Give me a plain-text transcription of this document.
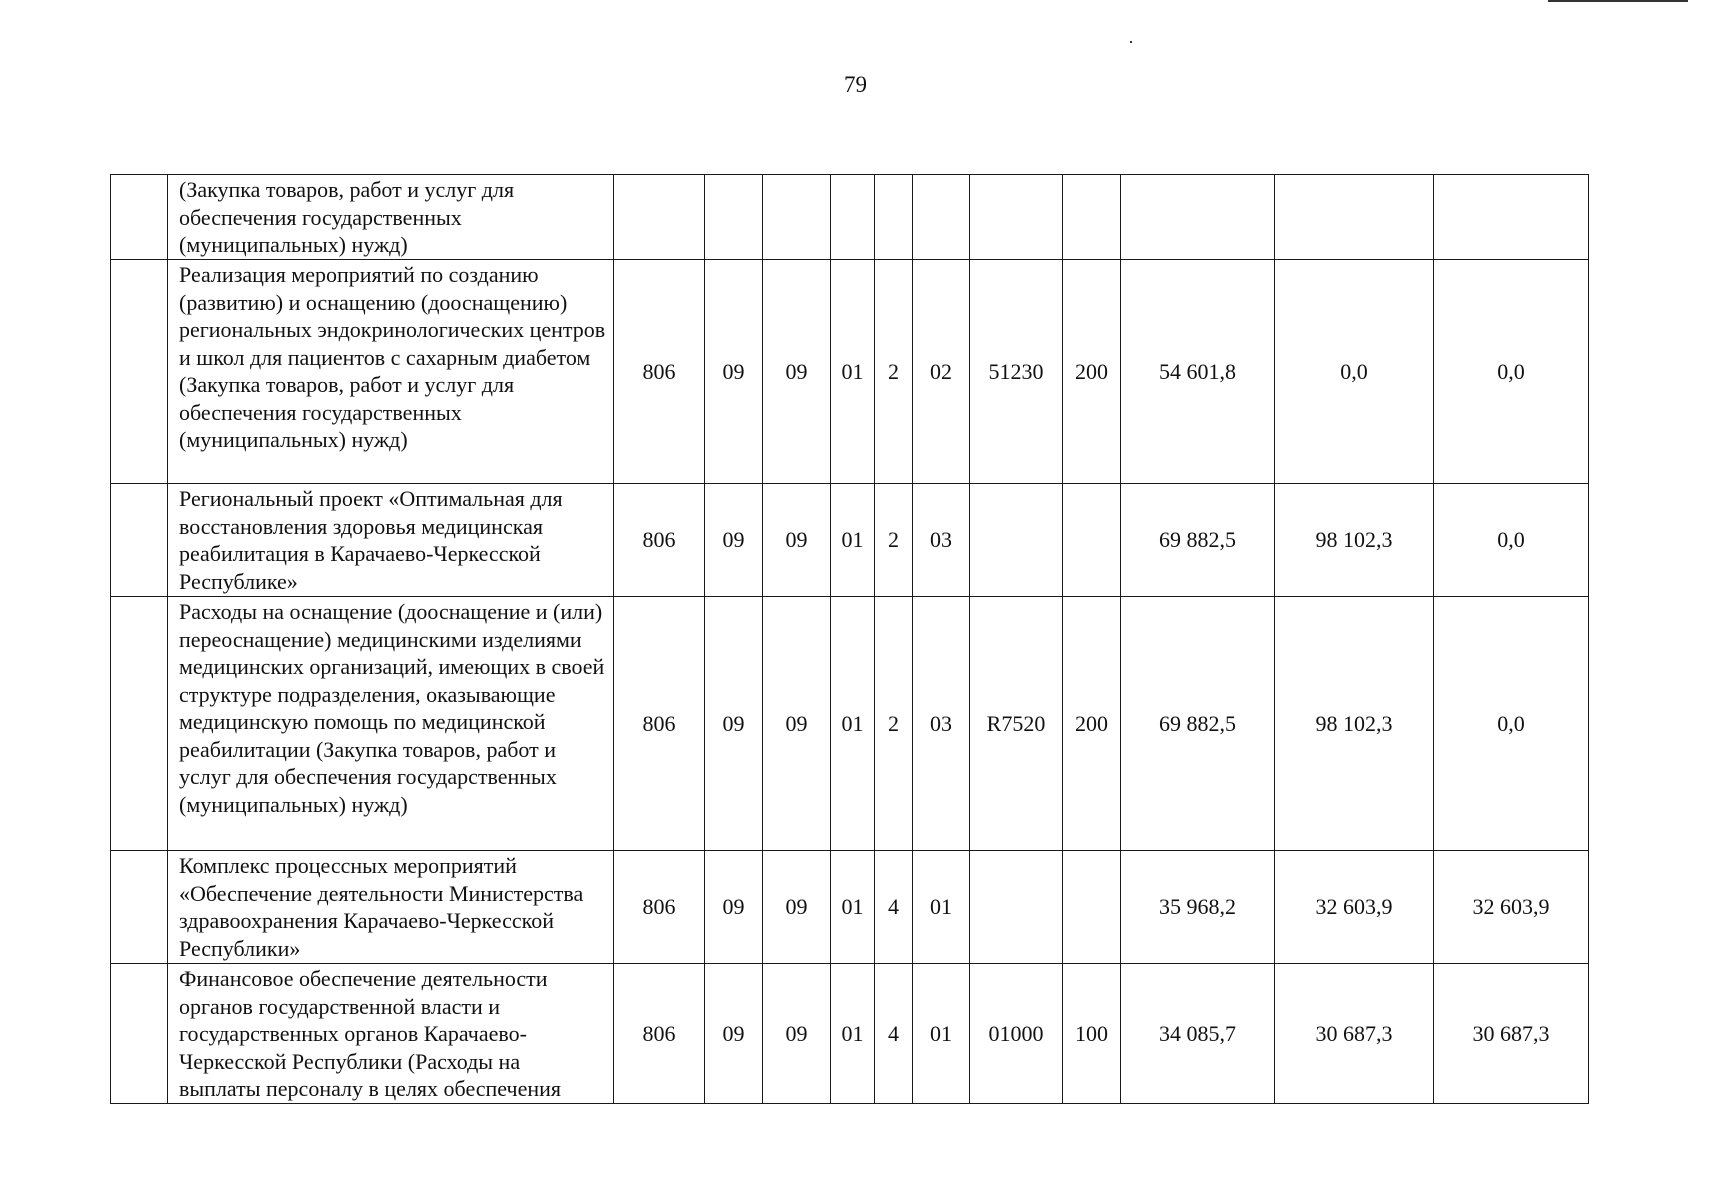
79
	(Закупка товаров, работ и услуг для обеспечения государственных (муниципальных) нужд)											
	Реализация мероприятий по созданию (развитию) и оснащению (дооснащению) региональных эндокринологических центров и школ для пациентов с сахарным диабетом (Закупка товаров, работ и услуг для обеспечения государственных (муниципальных) нужд)	806	09	09	01	2	02	51230	200	54 601,8	0,0	0,0
	Региональный проект «Оптимальная для восстановления здоровья медицинская реабилитация в Карачаево-Черкесской Республике»	806	09	09	01	2	03			69 882,5	98 102,3	0,0
	Расходы на оснащение (дооснащение и (или) переоснащение) медицинскими изделиями медицинских организаций, имеющих в своей структуре подразделения, оказывающие медицинскую помощь по медицинской реабилитации (Закупка товаров, работ и услуг для обеспечения государственных (муниципальных) нужд)	806	09	09	01	2	03	R7520	200	69 882,5	98 102,3	0,0
	Комплекс процессных мероприятий «Обеспечение деятельности Министерства здравоохранения Карачаево-Черкесской Республики»	806	09	09	01	4	01			35 968,2	32 603,9	32 603,9
	Финансовое обеспечение деятельности органов государственной власти и государственных органов Карачаево-Черкесской Республики (Расходы на выплаты персоналу в целях обеспечения	806	09	09	01	4	01	01000	100	34 085,7	30 687,3	30 687,3
